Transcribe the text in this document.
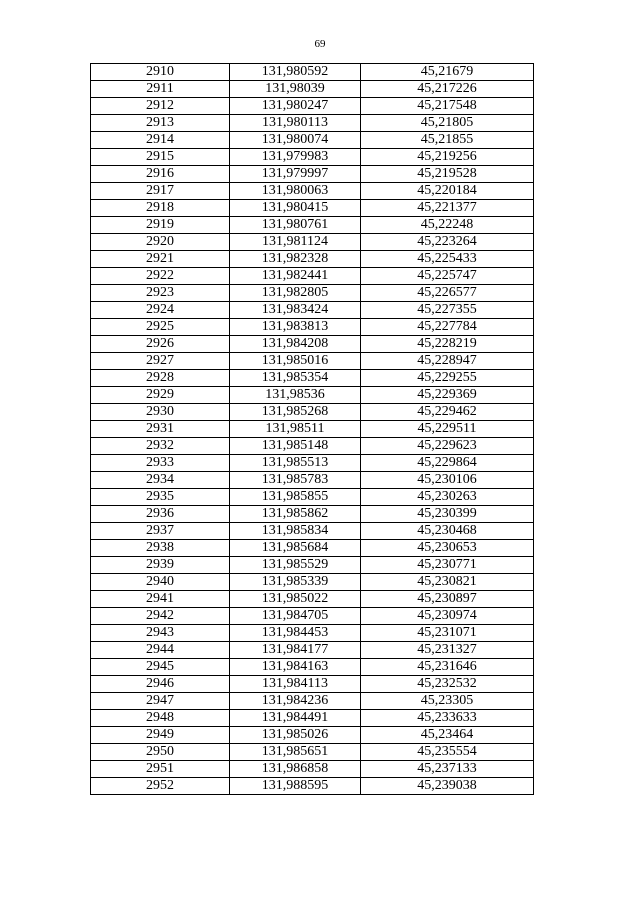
69
2910	131,980592	45,21679
2911	131,98039	45,217226
2912	131,980247	45,217548
2913	131,980113	45,21805
2914	131,980074	45,21855
2915	131,979983	45,219256
2916	131,979997	45,219528
2917	131,980063	45,220184
2918	131,980415	45,221377
2919	131,980761	45,22248
2920	131,981124	45,223264
2921	131,982328	45,225433
2922	131,982441	45,225747
2923	131,982805	45,226577
2924	131,983424	45,227355
2925	131,983813	45,227784
2926	131,984208	45,228219
2927	131,985016	45,228947
2928	131,985354	45,229255
2929	131,98536	45,229369
2930	131,985268	45,229462
2931	131,98511	45,229511
2932	131,985148	45,229623
2933	131,985513	45,229864
2934	131,985783	45,230106
2935	131,985855	45,230263
2936	131,985862	45,230399
2937	131,985834	45,230468
2938	131,985684	45,230653
2939	131,985529	45,230771
2940	131,985339	45,230821
2941	131,985022	45,230897
2942	131,984705	45,230974
2943	131,984453	45,231071
2944	131,984177	45,231327
2945	131,984163	45,231646
2946	131,984113	45,232532
2947	131,984236	45,23305
2948	131,984491	45,233633
2949	131,985026	45,23464
2950	131,985651	45,235554
2951	131,986858	45,237133
2952	131,988595	45,239038
